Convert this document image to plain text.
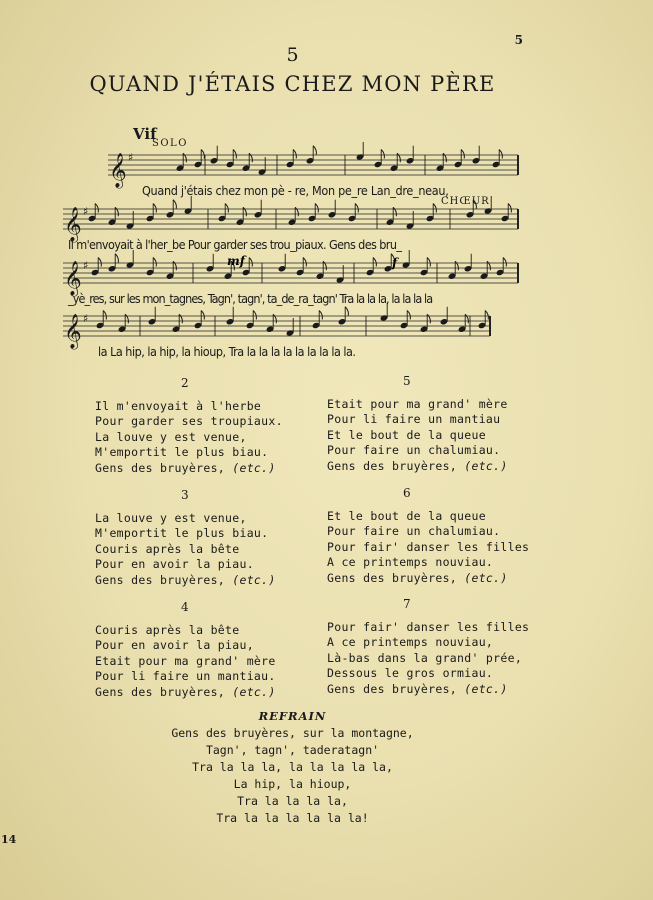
5
5
QUAND J'ÉTAIS CHEZ MON PÈRE
Vif
SOLO
CHŒUR
𝄞 ♯
𝄞 ♯
𝄞 ♯
𝄞 ♯
mf	f
Quand j'étais chez mon pè - re, Mon pe_re Lan_dre_neau,
Il m'envoyait à l'her_be Pour garder ses trou_piaux. Gens des bru_
_yè_res, sur les mon_tagnes, Tagn', tagn', ta_de_ra_tagn' Tra la la la, la la la la
la La hip, la hip, la hioup, Tra la la la la la la la la la.
2
Il m'envoyait à l'herbe
Pour garder ses troupiaux.
La louve y est venue,
M'emportit le plus biau.
Gens des bruyères, (etc.)
3
La louve y est venue,
M'emportit le plus biau.
Couris après la bête
Pour en avoir la piau.
Gens des bruyères, (etc.)
4
Couris après la bête
Pour en avoir la piau,
Etait pour ma grand' mère
Pour li faire un mantiau.
Gens des bruyères, (etc.)
5
Etait pour ma grand' mère
Pour li faire un mantiau
Et le bout de la queue
Pour faire un chalumiau.
Gens des bruyères, (etc.)
6
Et le bout de la queue
Pour faire un chalumiau.
Pour fair' danser les filles
A ce printemps nouviau.
Gens des bruyères, (etc.)
7
Pour fair' danser les filles
A ce printemps nouviau,
Là-bas dans la grand' prée,
Dessous le gros ormiau.
Gens des bruyères, (etc.)
REFRAIN
Gens des bruyères, sur la montagne,
Tagn', tagn', taderatagn'
Tra la la la, la la la la la,
La hip, la hioup,
Tra la la la la,
Tra la la la la la la!
14
